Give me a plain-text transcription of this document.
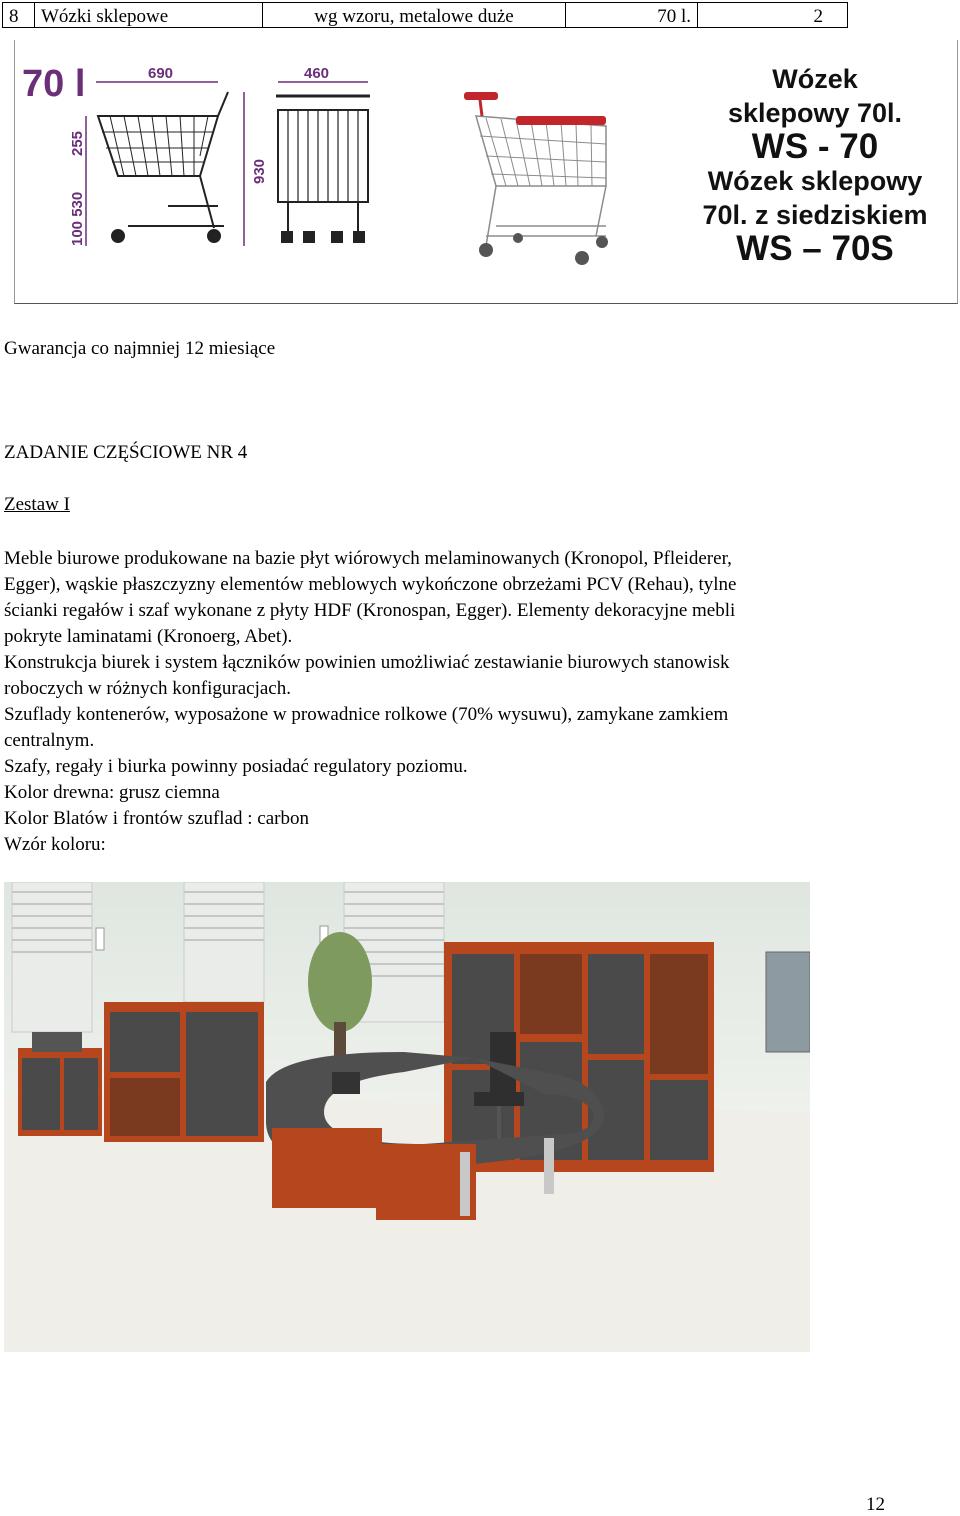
8	Wózki sklepowe	wg wzoru, metalowe duże	70 l.	2
70 l	690	460
255
100 530
930
Wózek
sklepowy 70l.
WS - 70
Wózek sklepowy
70l. z siedziskiem
WS – 70S
Gwarancja co najmniej 12 miesiące
ZADANIE CZĘŚCIOWE NR 4
Zestaw I
Meble biurowe produkowane na bazie płyt wiórowych melaminowanych (Kronopol, Pfleiderer,
Egger), wąskie płaszczyzny elementów meblowych wykończone obrzeżami PCV (Rehau), tylne
ścianki regałów i szaf wykonane z płyty HDF (Kronospan, Egger). Elementy dekoracyjne mebli
pokryte laminatami (Kronoerg, Abet).
Konstrukcja biurek i system łączników powinien umożliwiać zestawianie biurowych stanowisk
roboczych w różnych konfiguracjach.
Szuflady kontenerów, wyposażone w prowadnice rolkowe (70% wysuwu), zamykane zamkiem
centralnym.
Szafy, regały i biurka powinny posiadać regulatory poziomu.
Kolor drewna: grusz ciemna
Kolor Blatów i frontów szuflad : carbon
Wzór koloru:
12
